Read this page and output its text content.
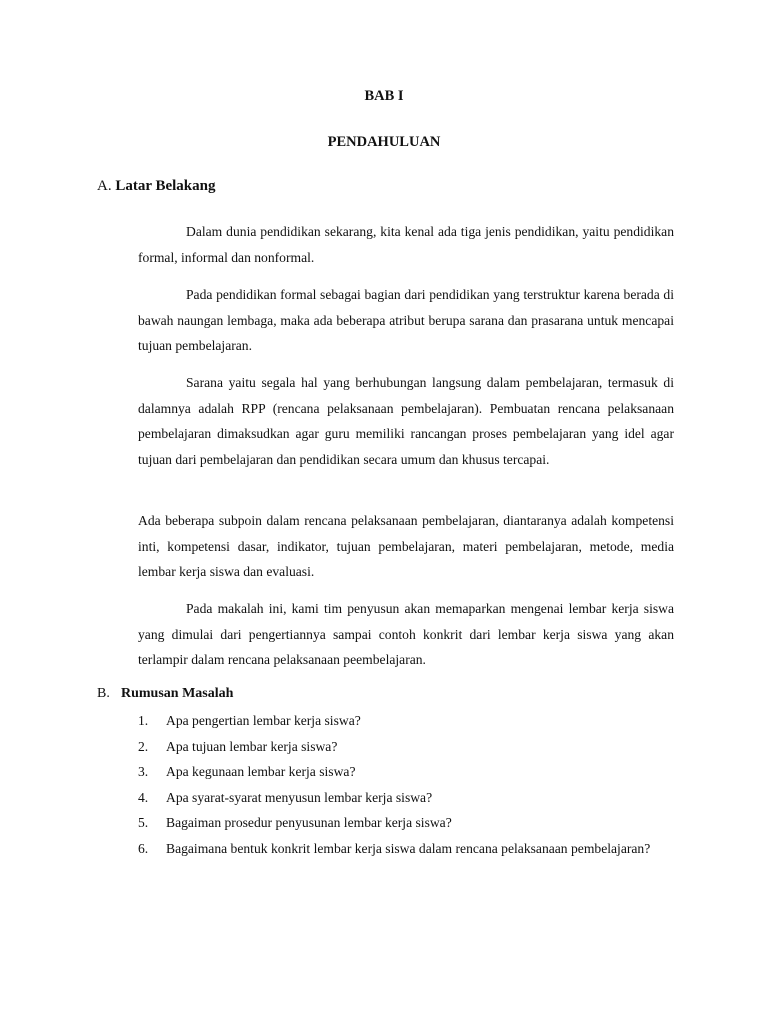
BAB I
PENDAHULUAN
A. Latar Belakang

Dalam dunia pendidikan sekarang, kita kenal ada tiga jenis pendidikan, yaitu pendidikan formal, informal dan nonformal.

Pada pendidikan formal sebagai bagian dari pendidikan yang terstruktur karena berada di bawah naungan lembaga, maka ada beberapa atribut berupa sarana dan prasarana untuk mencapai tujuan pembelajaran.

Sarana yaitu segala hal yang berhubungan langsung dalam pembelajaran, termasuk di dalamnya adalah RPP (rencana pelaksanaan pembelajaran). Pembuatan rencana pelaksanaan pembelajaran dimaksudkan agar guru memiliki rancangan proses pembelajaran yang idel agar tujuan dari pembelajaran dan pendidikan secara umum dan khusus tercapai.

Ada beberapa subpoin dalam rencana pelaksanaan pembelajaran, diantaranya adalah kompetensi inti, kompetensi dasar, indikator, tujuan pembelajaran, materi pembelajaran, metode, media lembar kerja siswa dan evaluasi.

Pada makalah ini, kami tim penyusun akan memaparkan mengenai lembar kerja siswa yang dimulai dari pengertiannya sampai contoh konkrit dari lembar kerja siswa yang akan terlampir dalam rencana pelaksanaan peembelajaran.

B. Rumusan Masalah
1.	Apa pengertian lembar kerja siswa?
2.	Apa tujuan lembar kerja siswa?
3.	Apa kegunaan lembar kerja siswa?
4.	Apa syarat-syarat menyusun lembar kerja siswa?
5.	Bagaiman prosedur penyusunan lembar kerja siswa?
6.	Bagaimana bentuk konkrit lembar kerja siswa dalam rencana pelaksanaan pembelajaran?
